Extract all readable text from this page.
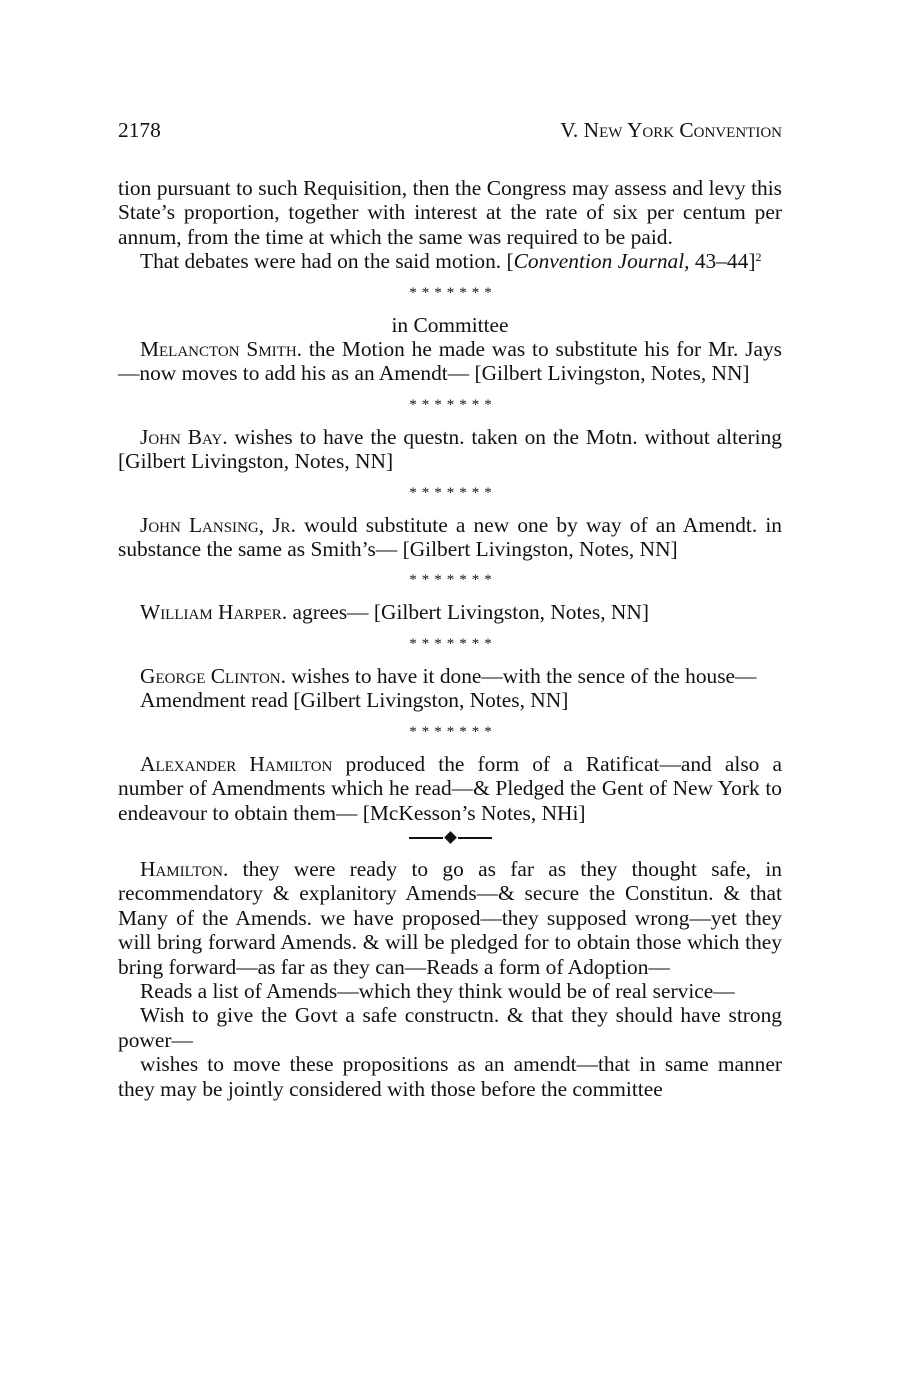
2178	V. New York Convention

tion pursuant to such Requisition, then the Congress may assess and levy this State’s proportion, together with interest at the rate of six per centum per annum, from the time at which the same was required to be paid.

That debates were had on the said motion. [Convention Journal, 43–44]$^2$

*******
in Committee

Melancton Smith. the Motion he made was to substitute his for Mr. Jays—now moves to add his as an Amendt— [Gilbert Livingston, Notes, NN]

*******

John Bay. wishes to have the questn. taken on the Motn. without altering [Gilbert Livingston, Notes, NN]

*******

John Lansing, Jr. would substitute a new one by way of an Amendt. in substance the same as Smith’s— [Gilbert Livingston, Notes, NN]

*******

William Harper. agrees— [Gilbert Livingston, Notes, NN]

*******

George Clinton. wishes to have it done—with the sence of the house—

Amendment read [Gilbert Livingston, Notes, NN]

*******

Alexander Hamilton produced the form of a Ratificat—and also a number of Amendments which he read—& Pledged the Gent of New York to endeavour to obtain them— [McKesson’s Notes, NHi]

Hamilton. they were ready to go as far as they thought safe, in recommendatory & explanitory Amends—& secure the Constitun. & that Many of the Amends. we have proposed—they supposed wrong—yet they will bring forward Amends. & will be pledged for to obtain those which they bring forward—as far as they can—Reads a form of Adoption—

Reads a list of Amends—which they think would be of real service—

Wish to give the Govt a safe constructn. & that they should have strong power—

wishes to move these propositions as an amendt—that in same manner they may be jointly considered with those before the committee
